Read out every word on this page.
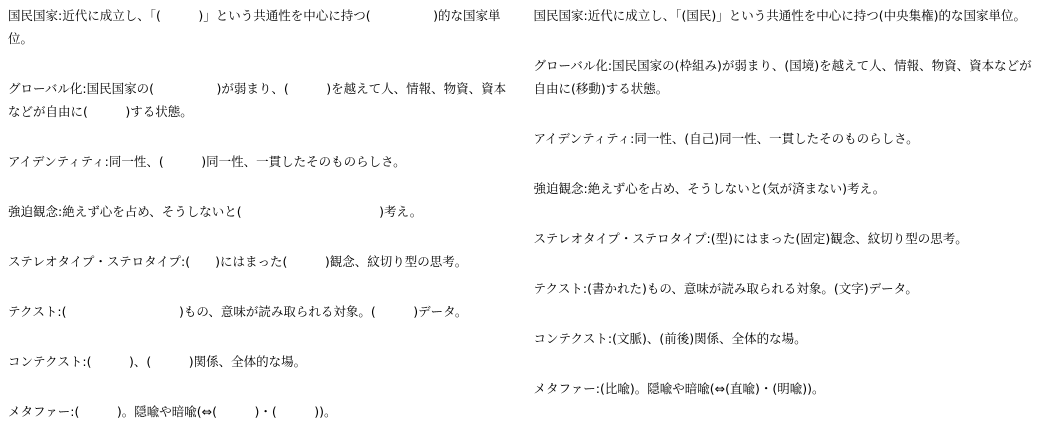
国民国家:近代に成立し、「(　　　)」という共通性を中心に持つ(　　　　　)的な国家単位。

グローバル化:国民国家の(　　　　　)が弱まり、(　　　)を越えて人、情報、物資、資本などが自由に(　　　)する状態。

アイデンティティ:同一性、(　　　)同一性、一貫したそのものらしさ。

強迫観念:絶えず心を占め、そうしないと(　　　　　　　　　　　)考え。

ステレオタイプ・ステロタイプ:(　　)にはまった(　　　)観念、紋切り型の思考。

テクスト:(　　　　　　　　　)もの、意味が読み取られる対象。(　　　)データ。

コンテクスト:(　　　)、(　　　)関係、全体的な場。

メタファー:(　　　)。隠喩や暗喩(⇔(　　　)・(　　　))。

国民国家:近代に成立し、「(国民)」という共通性を中心に持つ(中央集権)的な国家単位。

グローバル化:国民国家の(枠組み)が弱まり、(国境)を越えて人、情報、物資、資本などが自由に(移動)する状態。

アイデンティティ:同一性、(自己)同一性、一貫したそのものらしさ。

強迫観念:絶えず心を占め、そうしないと(気が済まない)考え。

ステレオタイプ・ステロタイプ:(型)にはまった(固定)観念、紋切り型の思考。

テクスト:(書かれた)もの、意味が読み取られる対象。(文字)データ。

コンテクスト:(文脈)、(前後)関係、全体的な場。

メタファー:(比喩)。隠喩や暗喩(⇔(直喩)・(明喩))。
